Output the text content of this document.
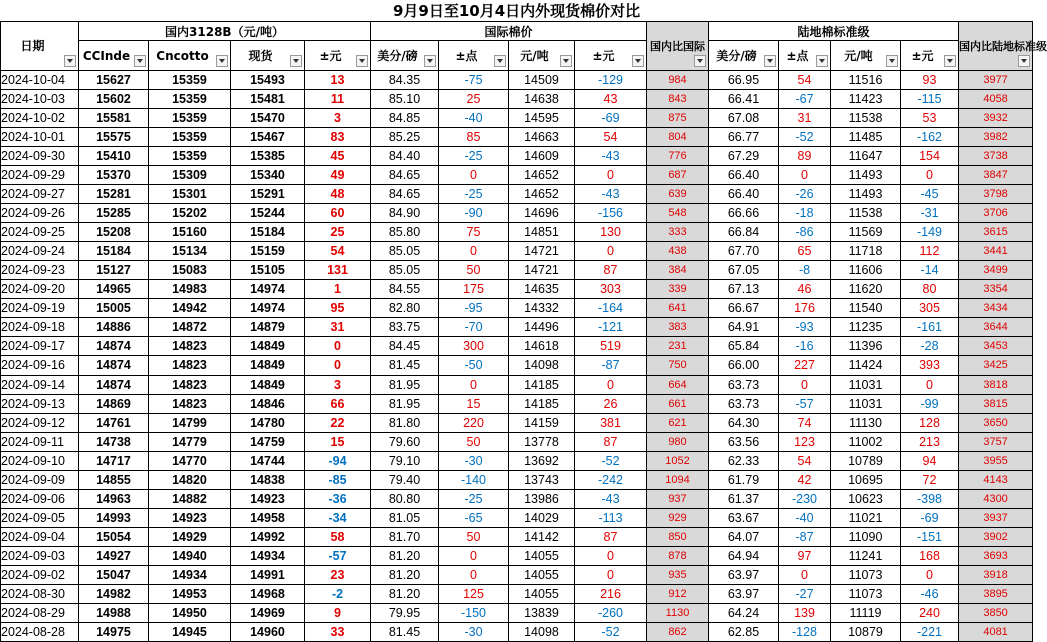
9月9日至10月4日内外现货棉价对比														
日期	国内3128B（元/吨）				国际棉价				国内比国际	陆地棉标准级				国内比陆地标准级

	CCInde	Cncotto	现货	±元	美分/磅	±点	元/吨	±元		美分/磅	±点	元/吨	±元	

2024-10-04	15627	15359	15493	13	84.35	-75	14509	-129	984	66.95	54	11516	93	3977
2024-10-03	15602	15359	15481	11	85.10	25	14638	43	843	66.41	-67	11423	-115	4058
2024-10-02	15581	15359	15470	3	84.85	-40	14595	-69	875	67.08	31	11538	53	3932
2024-10-01	15575	15359	15467	83	85.25	85	14663	54	804	66.77	-52	11485	-162	3982
2024-09-30	15410	15359	15385	45	84.40	-25	14609	-43	776	67.29	89	11647	154	3738
2024-09-29	15370	15309	15340	49	84.65	0	14652	0	687	66.40	0	11493	0	3847
2024-09-27	15281	15301	15291	48	84.65	-25	14652	-43	639	66.40	-26	11493	-45	3798
2024-09-26	15285	15202	15244	60	84.90	-90	14696	-156	548	66.66	-18	11538	-31	3706
2024-09-25	15208	15160	15184	25	85.80	75	14851	130	333	66.84	-86	11569	-149	3615
2024-09-24	15184	15134	15159	54	85.05	0	14721	0	438	67.70	65	11718	112	3441
2024-09-23	15127	15083	15105	131	85.05	50	14721	87	384	67.05	-8	11606	-14	3499
2024-09-20	14965	14983	14974	1	84.55	175	14635	303	339	67.13	46	11620	80	3354
2024-09-19	15005	14942	14974	95	82.80	-95	14332	-164	641	66.67	176	11540	305	3434
2024-09-18	14886	14872	14879	31	83.75	-70	14496	-121	383	64.91	-93	11235	-161	3644
2024-09-17	14874	14823	14849	0	84.45	300	14618	519	231	65.84	-16	11396	-28	3453
2024-09-16	14874	14823	14849	0	81.45	-50	14098	-87	750	66.00	227	11424	393	3425
2024-09-14	14874	14823	14849	3	81.95	0	14185	0	664	63.73	0	11031	0	3818
2024-09-13	14869	14823	14846	66	81.95	15	14185	26	661	63.73	-57	11031	-99	3815
2024-09-12	14761	14799	14780	22	81.80	220	14159	381	621	64.30	74	11130	128	3650
2024-09-11	14738	14779	14759	15	79.60	50	13778	87	980	63.56	123	11002	213	3757
2024-09-10	14717	14770	14744	-94	79.10	-30	13692	-52	1052	62.33	54	10789	94	3955
2024-09-09	14855	14820	14838	-85	79.40	-140	13743	-242	1094	61.79	42	10695	72	4143
2024-09-06	14963	14882	14923	-36	80.80	-25	13986	-43	937	61.37	-230	10623	-398	4300
2024-09-05	14993	14923	14958	-34	81.05	-65	14029	-113	929	63.67	-40	11021	-69	3937
2024-09-04	15054	14929	14992	58	81.70	50	14142	87	850	64.07	-87	11090	-151	3902
2024-09-03	14927	14940	14934	-57	81.20	0	14055	0	878	64.94	97	11241	168	3693
2024-09-02	15047	14934	14991	23	81.20	0	14055	0	935	63.97	0	11073	0	3918
2024-08-30	14982	14953	14968	-2	81.20	125	14055	216	912	63.97	-27	11073	-46	3895
2024-08-29	14988	14950	14969	9	79.95	-150	13839	-260	1130	64.24	139	11119	240	3850
2024-08-28	14975	14945	14960	33	81.45	-30	14098	-52	862	62.85	-128	10879	-221	4081
